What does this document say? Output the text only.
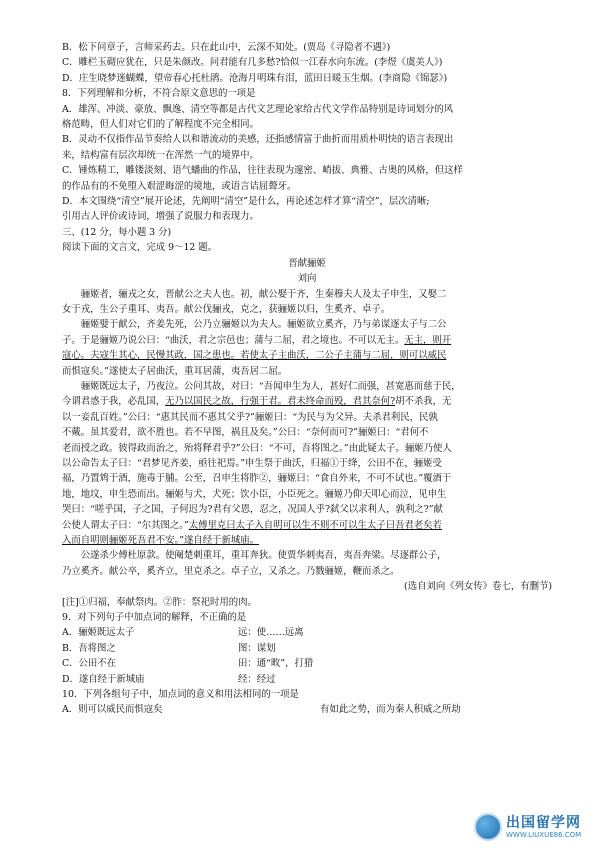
B．松下问章子，言师采药去。只在此山中，云深不知处。(贾岛《寻隐者不遇》)
C．雕栏玉砌应犹在，只是朱颜改。问君能有几多愁?恰似一江春水向东流。(李煜《虞美人》)
D．庄生晓梦迷蝴蝶，望帝春心托杜鹃。沧海月明珠有泪，蓝田日暖玉生烟。(李商隐《锦瑟》)
8．下列理解和分析，不符合原文意思的一项是
A．雄浑、冲淡、豪放、飘逸、清空等都是古代文艺理论家给古代文学作品特别是诗词划分的风
格范畴，但人们对它们的了解程度不完全相同。
B．灵动不仅指作品节奏给人以和谐流动的美感，还指感情富于曲折而用质朴明快的语言表现出
来，结构富有层次却统一在浑然一气的境界中。
C．锤炼精工，雕镂淡刻、语气蟠曲的作品，往往表现为邃密、峭拔、典雅、古奥的风格，但这样
的作品有的不免堕入艰涩晦涩的境地，或语言诘屈聱牙。
D．本文围绕“清空”展开论述，先阐明“清空”是什么，再论述怎样才算“清空”，层次清晰;
引用古人评价或诗词，增强了说服力和表现力。
三、(12 分，每小题 3 分)
阅读下面的文言文，完成 9～12 题。
晋献骊姬
刘向
骊姬者，骊戎之女，晋献公之夫人也。初，献公娶于齐，生秦穆夫人及太子申生，又娶二
女于戎，生公子重耳、夷吾。献公伐骊戎，克之，获骊姬以归，生奚齐、卓子。
骊姬嬖于献公，齐姜先死，公乃立骊姬以为夫人。骊姬欲立奚齐，乃与弟谋逐太子与二公
子。于是骊姬乃说公曰：“曲沃，君之宗邑也；蒲与二屈，君之境也。不可以无主。无主，则开
寇心。夫寇生其心，民慢其政，国之患也。若使太子主曲沃，二公子主蒲与二屈，则可以威民
而惧寇矣。”遂使太子居曲沃，重耳居蒲，夷吾居二屈。
骊姬既远太子，乃夜泣。公问其故，对曰：“吾闻申生为人，甚好仁而强，甚宽惠而慈于民，
今谓君惑于我，必乱国，无乃以国民之故，行强于君。君未终命而殁，君其奈何?胡不杀我，无
以一妾乱百姓。”公曰：“惠其民而不惠其父乎?”骊姬曰：“为民与为父异。夫杀君利民，民孰
不戴。虽其爱君，欲不胜也。若不早图，祸且及矣。”公曰：“奈何而可?”骊姬曰：“君何不
老而授之政。彼得政而治之，殆将释君乎?”公曰：“不可，吾将图之。”由此疑太子。骊姬乃使人
以公命告太子曰：“君梦见齐姜，亟往祀焉。”申生祭于曲沃，归福①于绛，公田不在，骊姬受
福，乃置鸩于酒，施毒于脯。公至，召申生将胙②，骊姬曰：“食自外来，不可不试也。”覆酒于
地，地坟，申生恐而出。骊姬与犬，犬死；饮小臣，小臣死之。骊姬乃仰天叩心而泣，见申生
哭曰：“嗟乎国，子之国，子何迟为?君有父恩，忍之，况国人乎?弑父以求利人，孰利之?”献
公使人谓太子曰：“尔其图之。”太傅里克曰太子入自明可以生不则不可以生太子曰吾君老矣若
入而自明则骊姬死吾君不安。”遂自经于新城庙。
公遂杀少傅杜原款。使阉楚刺重耳，重耳奔狄。使贾华刺夷吾，夷吾奔梁。尽逐群公子，
乃立奚齐。献公卒，奚齐立，里克杀之。卓子立，又杀之。乃戮骊姬，鞭而杀之。
(选自刘向《列女传》卷七，有删节)
[注]①归福，奉献祭肉。②胙：祭祀时用的肉。
9．对下列句子中加点词的解释，不正确的是
A．骊姬既远太子	远：使……远离
B．吾将图之	图：谋划
C．公田不在	田：通“畋”，打猎
D．遂自经于新城庙	经：经过
10．下列各组句子中，加点词的意义和用法相同的一项是
A．则可以威民而惧寇矣	有如此之势，而为秦人积威之所劫
出国留学网
WWW.LIUXUE86.COM
